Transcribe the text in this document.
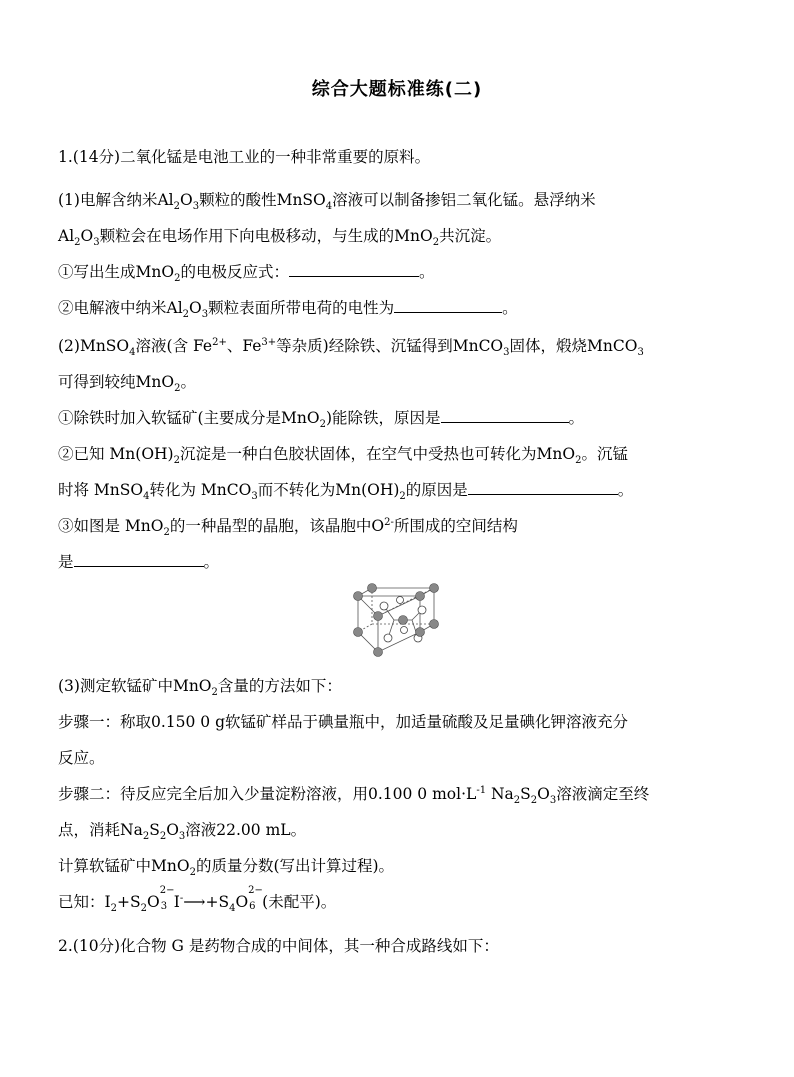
综合大题标准练(二)
1.(14分)二氧化锰是电池工业的一种非常重要的原料。
(1)电解含纳米$Al_2O_3$颗粒的酸性MnSO$_4$溶液可以制备掺铝二氧化锰。悬浮纳米
$Al_2O_3$颗粒会在电场作用下向电极移动，与生成的MnO$_2$共沉淀。
①写出生成MnO$_2$的电极反应式：	。
②电解液中纳米$Al_2O_3$颗粒表面所带电荷的电性为	。
(2)MnSO$_4$溶液(含 $Fe^{2+}$、$Fe^{3+}$等杂质)经除铁、沉锰得到MnCO$_3$固体，煅烧MnCO$_3$
可得到较纯MnO$_2$。
①除铁时加入软锰矿(主要成分是MnO$_2$)能除铁，原因是	。
②已知 $Mn(OH)_2$沉淀是一种白色胶状固体，在空气中受热也可转化为MnO$_2$。沉锰
时将 MnSO$_4$转化为 MnCO$_3$而不转化为$Mn(OH)_2$的原因是	。
③如图是 MnO$_2$的一种晶型的晶胞，该晶胞中$O^{2-}$所围成的空间结构
是	。
(3)测定软锰矿中MnO$_2$含量的方法如下：
步骤一：称取0.150 0 g软锰矿样品于碘量瓶中，加适量硫酸及足量碘化钾溶液充分
反应。
步骤二：待反应完全后加入少量淀粉溶液，用0.100 0 $mol\cdot L^{-1}$ $Na_2S_2O_3$溶液滴定至终
点，消耗$Na_2S_2O_3$溶液22.00 mL。
计算软锰矿中MnO$_2$的质量分数(写出计算过程)。
已知：$I_2+S_2O$
2−
3 $I^-⟶+S_4O$
2−
6 (未配平)。
2.(10分)化合物 G 是药物合成的中间体，其一种合成路线如下：
